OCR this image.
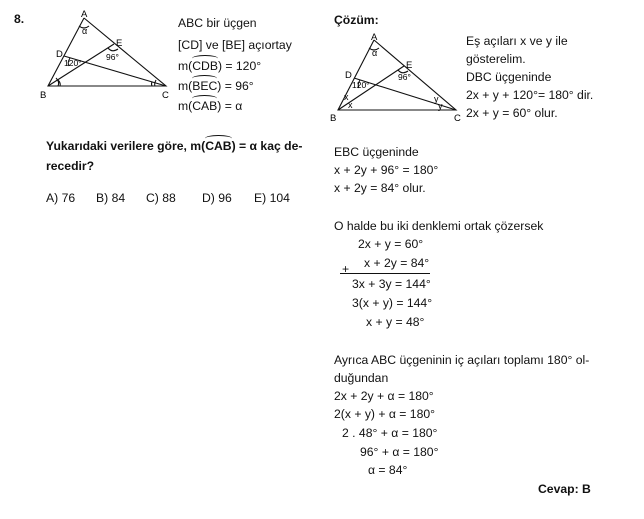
8.	A
B	C
D
E
α
120°
96°
ABC bir üçgen
[CD] ve [BE] açıortay
m(CDB) = 120°
m(BEC) = 96°
m(CAB) = α
Yukarıdaki verilere göre, m(CAB) = α kaç de-
recedir?
A) 76 B) 84 C) 88 D) 96 E) 104
Çözüm:
A
B	C
D
E
α
120°
96°
x
x
y
y
Eş açıları x ve y ile
gösterelim.
DBC üçgeninde
2x + y + 120°= 180° dir.
2x + y = 60° olur.
EBC üçgeninde
x + 2y + 96° = 180°
x + 2y = 84° olur.
O halde bu iki denklemi ortak çözersek
2x + y = 60°
x + 2y = 84°
+
3x + 3y = 144°
3(x + y) = 144°
x + y = 48°
Ayrıca ABC üçgeninin iç açıları toplamı 180° ol-
duğundan
2x + 2y + α = 180°
2(x + y) + α = 180°
2 . 48° + α = 180°
96° + α = 180°
α = 84°
Cevap: B
